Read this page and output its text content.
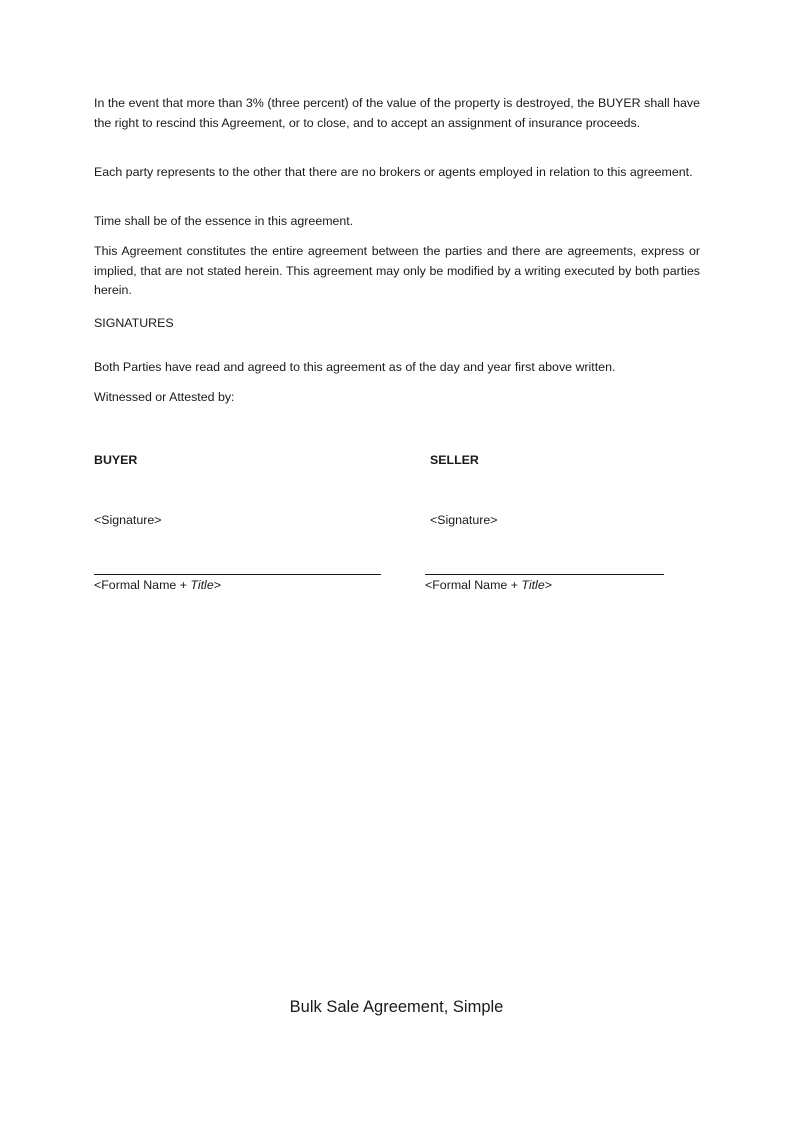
In the event that more than 3% (three percent) of the value of the property is destroyed, the BUYER shall have the right to rescind this Agreement, or to close, and to accept an assignment of insurance proceeds.

Each party represents to the other that there are no brokers or agents employed in relation to this agreement.

Time shall be of the essence in this agreement.

This Agreement constitutes the entire agreement between the parties and there are agreements, express or implied, that are not stated herein. This agreement may only be modified by a writing executed by both parties herein.

SIGNATURES

Both Parties have read and agreed to this agreement as of the day and year first above written.

Witnessed or Attested by:

BUYER	SELLER
<Signature>	<Signature>
<Formal Name + Title>	<Formal Name + Title>
Bulk Sale Agreement, Simple
